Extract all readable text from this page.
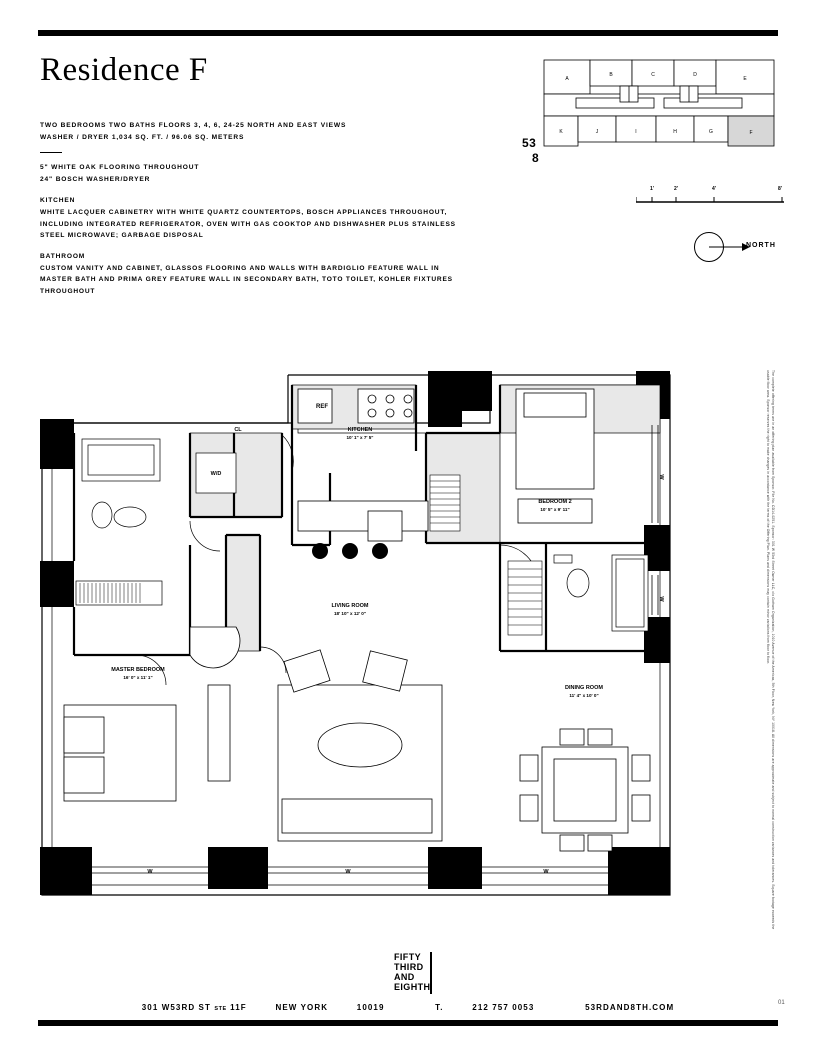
Residence F
TWO BEDROOMS TWO BATHS FLOORS 3, 4, 6, 24-25 NORTH AND EAST VIEWS
WASHER / DRYER 1,034 SQ. FT. / 96.06 SQ. METERS
5" WHITE OAK FLOORING THROUGHOUT
24" BOSCH WASHER/DRYER
KITCHEN
WHITE LACQUER CABINETRY WITH WHITE QUARTZ COUNTERTOPS, BOSCH APPLIANCES THROUGHOUT, INCLUDING INTEGRATED REFRIGERATOR, OVEN WITH GAS COOKTOP AND DISHWASHER PLUS STAINLESS STEEL MICROWAVE; GARBAGE DISPOSAL
BATHROOM
CUSTOM VANITY AND CABINET, GLASSOS FLOORING AND WALLS WITH BARDIGLIO FEATURE WALL IN MASTER BATH AND PRIMA GREY FEATURE WALL IN SECONDARY BATH, TOTO TOILET, KOHLER FIXTURES THROUGHOUT
A
B	C	D
E
K	J	I	H	G	F
53
8
1'	2'	4'	8'
NORTH
REF
CL
W/D
KITCHEN
10' 1" x 7' 5"
BEDROOM 2
10' 5" x 9' 11"
LIVING ROOM
18' 10" x 12' 0"
MASTER BEDROOM
16' 0" x 11' 1"
DINING ROOM
11' 4" x 10' 0"
W	W	W
W
W	The complete offering terms are in an offering plan available from Sponsor. File No. CD14-0251. Sponsor: 301 W 53rd Street Owner LLC, c/o Gotham Organization, 1010 Avenue of the Americas, 5th Floor, New York, NY 10018. All dimensions are approximate and subject to normal construction variances and tolerances. Square footage exceeds the usable floor area. Sponsor reserves the right to make changes in accordance with the terms of the Offering Plan. Plans and dimensions may contain minor variations from floor to floor.
FIFTY
THIRD
AND
EIGHTH
301 W53RD ST STE 11F	NEW YORK	10019	T.	212 757 0053	53RDAND8TH.COM	01
